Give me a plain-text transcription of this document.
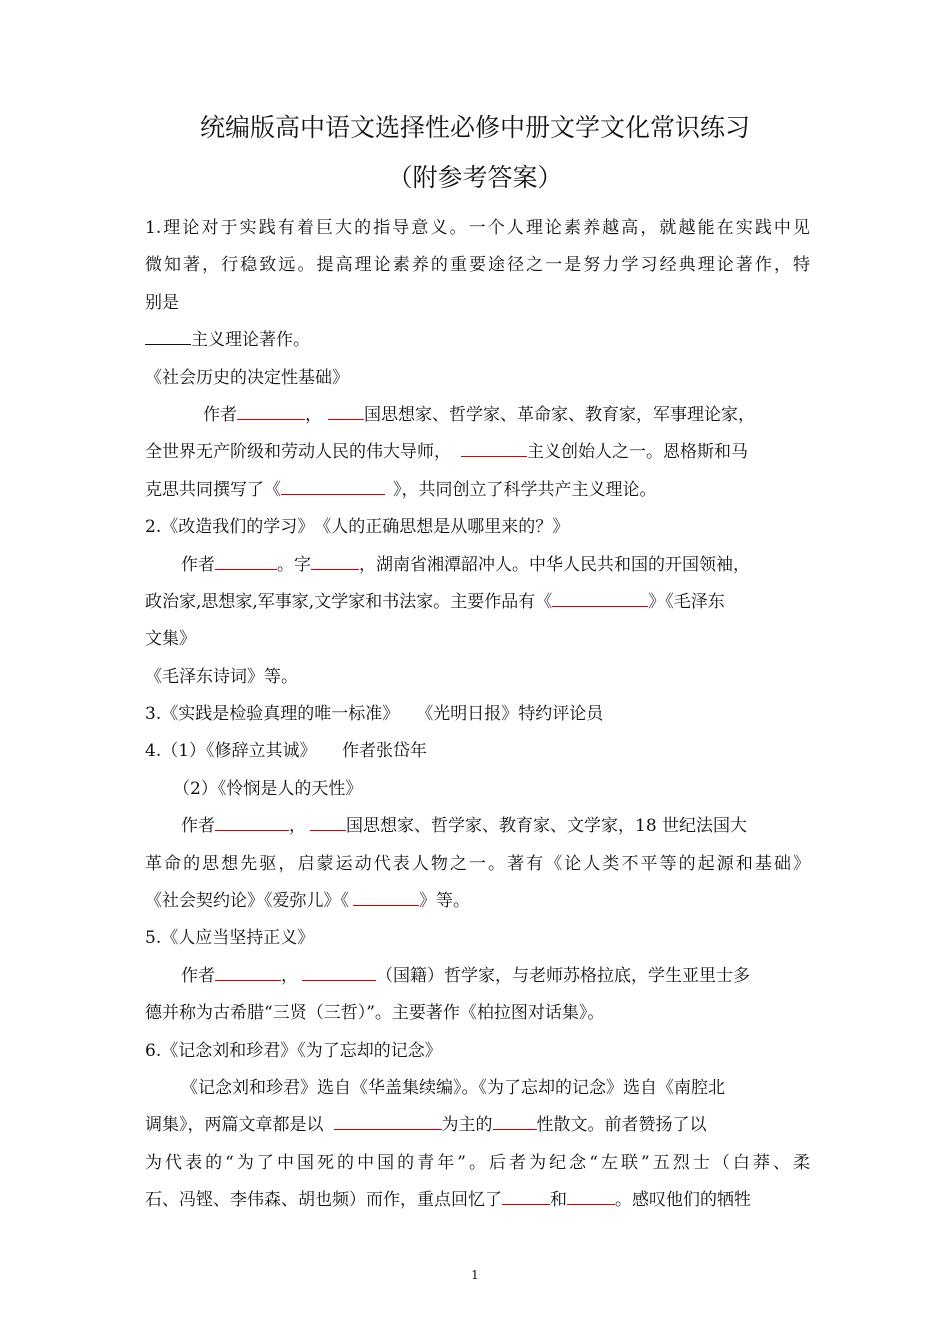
统编版高中语文选择性必修中册文学文化常识练习
（附参考答案）
1.理论对于实践有着巨大的指导意义。一个人理论素养越高，就越能在实践中见
微知著，行稳致远。提高理论素养的重要途径之一是努力学习经典理论著作，特
别是
主义理论著作。
《社会历史的决定性基础》
作者	， 国思想家、哲学家、革命家、教育家，军事理论家，
全世界无产阶级和劳动人民的伟大导师，	主义创始人之一。恩格斯和马
克思共同撰写了《	》，共同创立了科学共产主义理论。
2.《改造我们的学习》　《人的正确思想是从哪里来的？》
作者	。字	，湖南省湘潭韶冲人。中华人民共和国的开国领袖，
政治家,思想家,军事家,文学家和书法家。主要作品有《	》《毛泽东
文集》
《毛泽东诗词》等。
3.《实践是检验真理的唯一标准》　　《光明日报》特约评论员
4.（1）《修辞立其诚》　　作者张岱年
（2）《怜悯是人的天性》
作者	， 国思想家、哲学家、教育家、文学家，18 世纪法国大
革命的思想先驱，启蒙运动代表人物之一。著有《论人类不平等的起源和基础》
《社会契约论》《爱弥儿》《	》等。
5.《人应当坚持正义》
作者	，	（国籍）哲学家，与老师苏格拉底，学生亚里士多
德并称为古希腊“三贤（三哲）”。主要著作《柏拉图对话集》。
6.《记念刘和珍君》《为了忘却的记念》
《记念刘和珍君》选自《华盖集续编》。《为了忘却的记念》选自《南腔北
调集》，两篇文章都是以	为主的	性散文。前者赞扬了以
为代表的“为了中国死的中国的青年”。后者为纪念“左联”五烈士（白莽、柔
石、冯铿、李伟森、胡也频）而作，重点回忆了	和	。感叹他们的牺牲
1
